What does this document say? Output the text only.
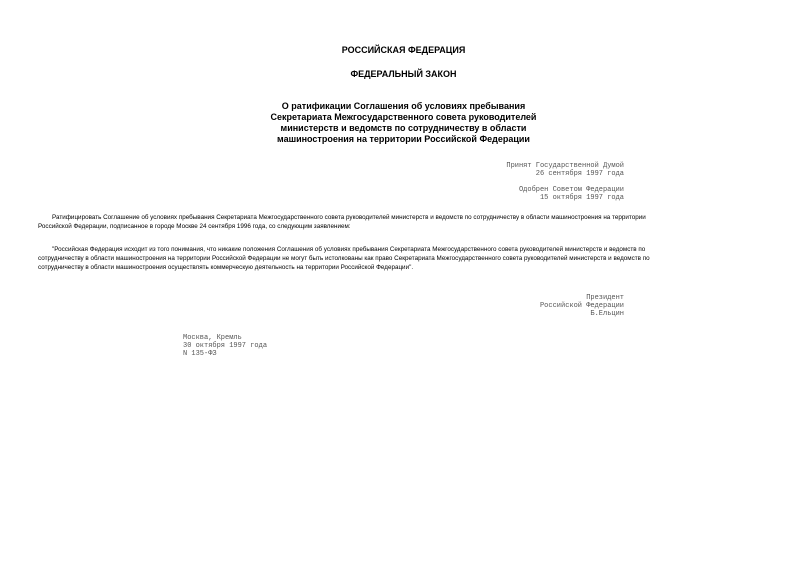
РОССИЙСКАЯ ФЕДЕРАЦИЯ
ФЕДЕРАЛЬНЫЙ ЗАКОН
О ратификации Соглашения об условиях пребывания
Секретариата Межгосударственного совета руководителей
министерств и ведомств по сотрудничеству в области
машиностроения на территории Российской Федерации
Принят Государственной Думой
26 сентября 1997 года
Одобрен Советом Федерации
15 октября 1997 года
Ратифицировать Соглашение об условиях пребывания Секретариата Межгосударственного совета руководителей министерств и ведомств по сотрудничеству в области машиностроения на территории
Российской Федерации, подписанное в городе Москве 24 сентября 1996 года, со следующим заявлением:
"Российская Федерация исходит из того понимания, что никакие положения Соглашения об условиях пребывания Секретариата Межгосударственного совета руководителей министерств и ведомств по
сотрудничеству в области машиностроения на территории Российской Федерации не могут быть истолкованы как право Секретариата Межгосударственного совета руководителей министерств и ведомств по
сотрудничеству в области машиностроения осуществлять коммерческую деятельность на территории Российской Федерации".
Президент
Российской Федерации
Б.Ельцин
Москва, Кремль
30 октября 1997 года
N 135-ФЗ
